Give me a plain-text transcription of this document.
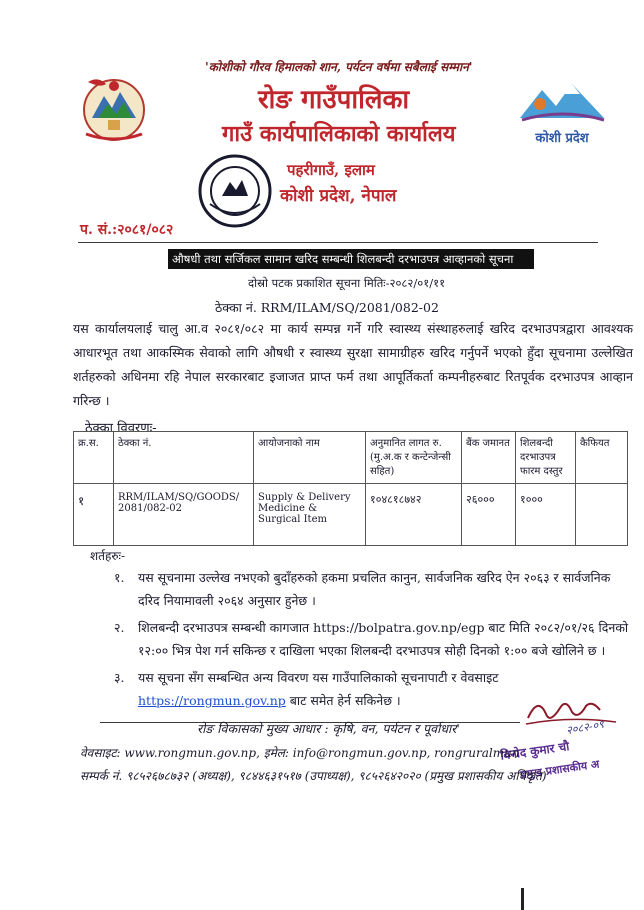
'कोशीको गौरव हिमालको शान, पर्यटन वर्षमा सबैलाई सम्मान'
रोङ गाउँपालिका
गाउँ कार्यपालिकाको कार्यालय
पहरीगाउँ, इलाम
कोशी प्रदेश, नेपाल
कोशी प्रदेश
प. सं.:२०८१/०८२
औषधी तथा सर्जिकल सामान खरिद सम्बन्धी शिलबन्दी दरभाउपत्र आव्हानको सूचना
दोस्रो पटक प्रकाशित सूचना मितिः-२०८२/०१/११
ठेक्का नं. RRM/ILAM/SQ/2081/082-02
यस कार्यालयलाई चालु आ.व २०८१/०८२ मा कार्य सम्पन्न गर्ने गरि स्वास्थ्य संस्थाहरुलाई खरिद दरभाउपत्रद्वारा आवश्यक आधारभूत तथा आकस्मिक सेवाको लागि औषधी र स्वास्थ्य सुरक्षा सामाग्रीहरु खरिद गर्नुपर्ने भएको हुँदा सूचनामा उल्लेखित शर्तहरुको अधिनमा रहि नेपाल सरकारबाट इजाजत प्राप्त फर्म तथा आपूर्तिकर्ता कम्पनीहरुबाट रितपूर्वक दरभाउपत्र आव्हान गरिन्छ ।
ठेक्का विवरणः-
क्र.स.	ठेक्का नं.	आयोजनाको नाम	अनुमानित लागत रु.(मु.अ.क र कन्टेन्जेन्सी सहित)	बैंक जमानत	शिलबन्दी दरभाउपत्र फारम दस्तुर	कैफियत
१	RRM/ILAM/SQ/GOODS/ 2081/082-02	Supply & Delivery Medicine & Surgical Item	१०४८१८७४२	२६०००	१०००	
शर्तहरुः-
१.	यस सूचनामा उल्लेख नभएको बुदाँहरुको हकमा प्रचलित कानुन, सार्वजनिक खरिद ऐन २०६३ र सार्वजनिक दरिद नियामावली २०६४ अनुसार हुनेछ ।
२.	शिलबन्दी दरभाउपत्र सम्बन्धी कागजात https://bolpatra.gov.np/egp बाट मिति २०८२/०१/२६ दिनको १२:०० भित्र पेश गर्न सकिन्छ र दाखिला भएका शिलबन्दी दरभाउपत्र सोही दिनको १:०० बजे खोलिने छ ।
३.	यस सूचना सँग सम्बन्धित अन्य विवरण यस गाउँपालिकाको सूचनापाटी र वेवसाइट https://rongmun.gov.np बाट समेत हेर्न सकिनेछ ।
२०८२-०९
रोङ विकासको मुख्य आधार : कृषि, वन, पर्यटन र पूर्वाधार'
विनोद कुमार चौ
प्रमुख प्रशासकीय अ
वेवसाइट: www.rongmun.gov.np, इमेल: info@rongmun.gov.np, rongruralmun
सम्पर्क नं. ९८५२६७८७३२ (अध्यक्ष), ९८४४६३१५१७ (उपाध्यक्ष), ९८५२६४२०२० (प्रमुख प्रशासकीय अधिकृत)
